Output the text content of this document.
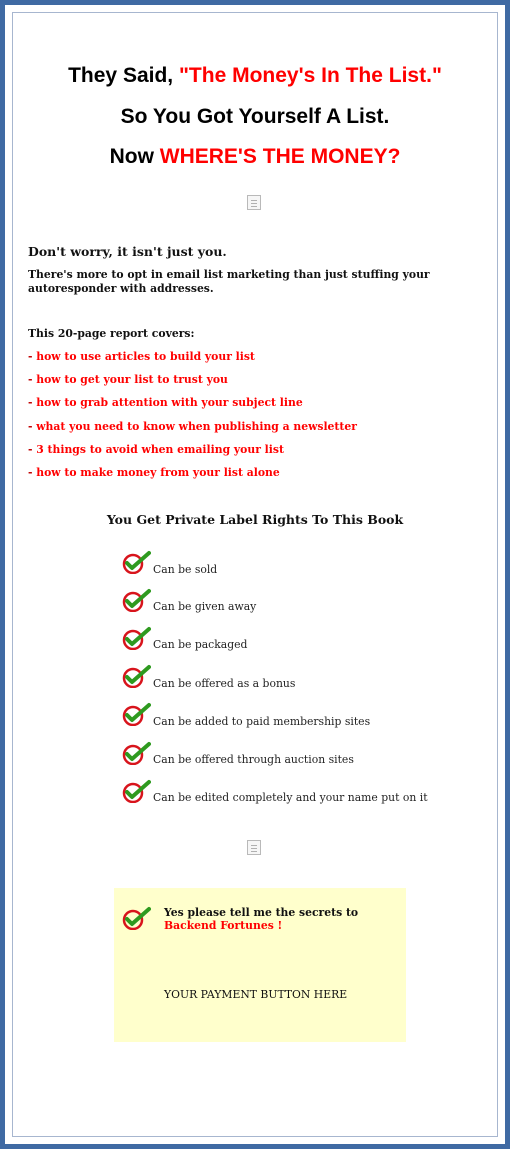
They Said, "The Money's In The List."
So You Got Yourself A List.
Now WHERE'S THE MONEY?
Don't worry, it isn't just you.
There's more to opt in email list marketing than just stuffing your autoresponder with addresses.
This 20-page report covers:
- how to use articles to build your list
- how to get your list to trust you
- how to grab attention with your subject line
- what you need to know when publishing a newsletter
- 3 things to avoid when emailing your list
- how to make money from your list alone
You Get Private Label Rights To This Book
Can be sold
Can be given away
Can be packaged
Can be offered as a bonus
Can be added to paid membership sites
Can be offered through auction sites
Can be edited completely and your name put on it
Yes please tell me the secrets to
Backend Fortunes !
YOUR PAYMENT BUTTON HERE
